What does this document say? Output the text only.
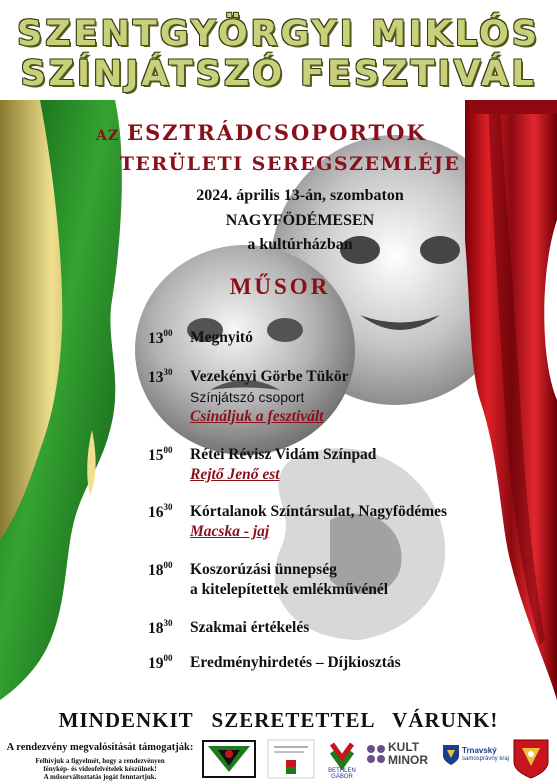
SZENTGYÖRGYI MIKLÓS
SZÍNJÁTSZÓ FESZTIVÁL
AZ ESZTRÁDCSOPORTOK
TERÜLETI SEREGSZEMLÉJE
2024. április 13-án, szombaton
NAGYFÖDÉMESEN
a kultúrházban
MŰSOR
$13^{00}$ Megnyitó
$13^{30}$ Vezekényi Görbe Tükör
Színjátszó csoport
Csináljuk a fesztivált
$15^{00}$ Rétei Révisz Vidám Színpad
Rejtő Jenő est
$16^{30}$ Kórtalanok Színtársulat, Nagyfödémes
Macska - jaj
$18^{00}$ Koszorúzási ünnepség
a kitelepítettek emlékművénél
$18^{30}$ Szakmai értékelés
$19^{00}$ Eredményhirdetés – Díjkiosztás
MINDENKIT SZERETETTEL VÁRUNK!
A rendezvény megvalósítását támogatják:
Felhívjuk a figyelmét, hogy a rendezvényen
fénykép- és videofelvételek készülnek!
A műsorváltoztatás jogát fenntartjuk.
BETHLEN GÁBOR
KULT
MINOR
Trnavský
samosprávny kraj
